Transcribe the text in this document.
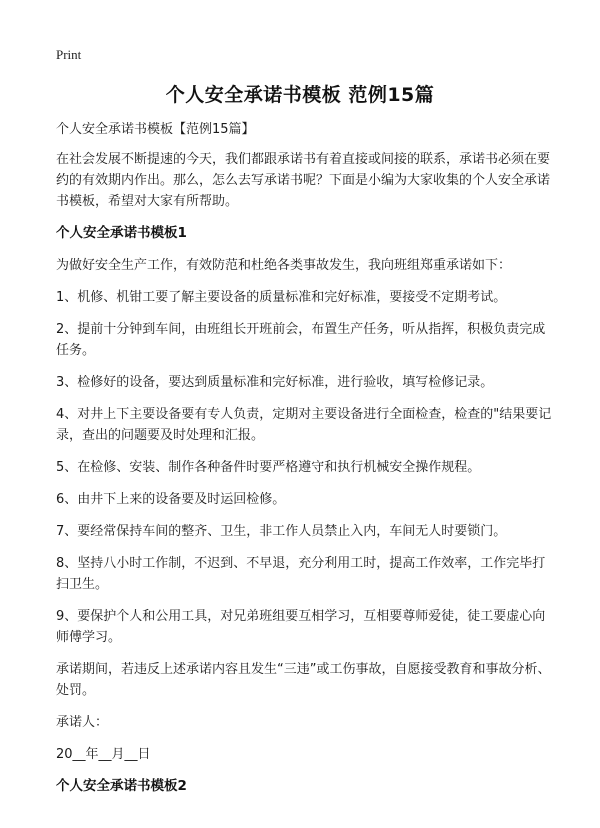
Print
个人安全承诺书模板 范例15篇

个人安全承诺书模板【范例15篇】

在社会发展不断提速的今天，我们都跟承诺书有着直接或间接的联系，承诺书必须在要约的有效期内作出。那么，怎么去写承诺书呢？下面是小编为大家收集的个人安全承诺书模板，希望对大家有所帮助。

个人安全承诺书模板1

为做好安全生产工作，有效防范和杜绝各类事故发生，我向班组郑重承诺如下：

1、机修、机钳工要了解主要设备的质量标准和完好标准，要接受不定期考试。

2、提前十分钟到车间，由班组长开班前会，布置生产任务，听从指挥，积极负责完成任务。

3、检修好的设备，要达到质量标准和完好标准，进行验收，填写检修记录。

4、对井上下主要设备要有专人负责，定期对主要设备进行全面检查，检查的"结果要记录，查出的问题要及时处理和汇报。

5、在检修、安装、制作各种备件时要严格遵守和执行机械安全操作规程。

6、由井下上来的设备要及时运回检修。

7、要经常保持车间的整齐、卫生，非工作人员禁止入内，车间无人时要锁门。

8、坚持八小时工作制，不迟到、不早退，充分利用工时，提高工作效率，工作完毕打扫卫生。

9、要保护个人和公用工具，对兄弟班组要互相学习，互相要尊师爱徒，徒工要虚心向师傅学习。

承诺期间，若违反上述承诺内容且发生“三违”或工伤事故，自愿接受教育和事故分析、处罚。

承诺人：

20__年__月__日

个人安全承诺书模板2
